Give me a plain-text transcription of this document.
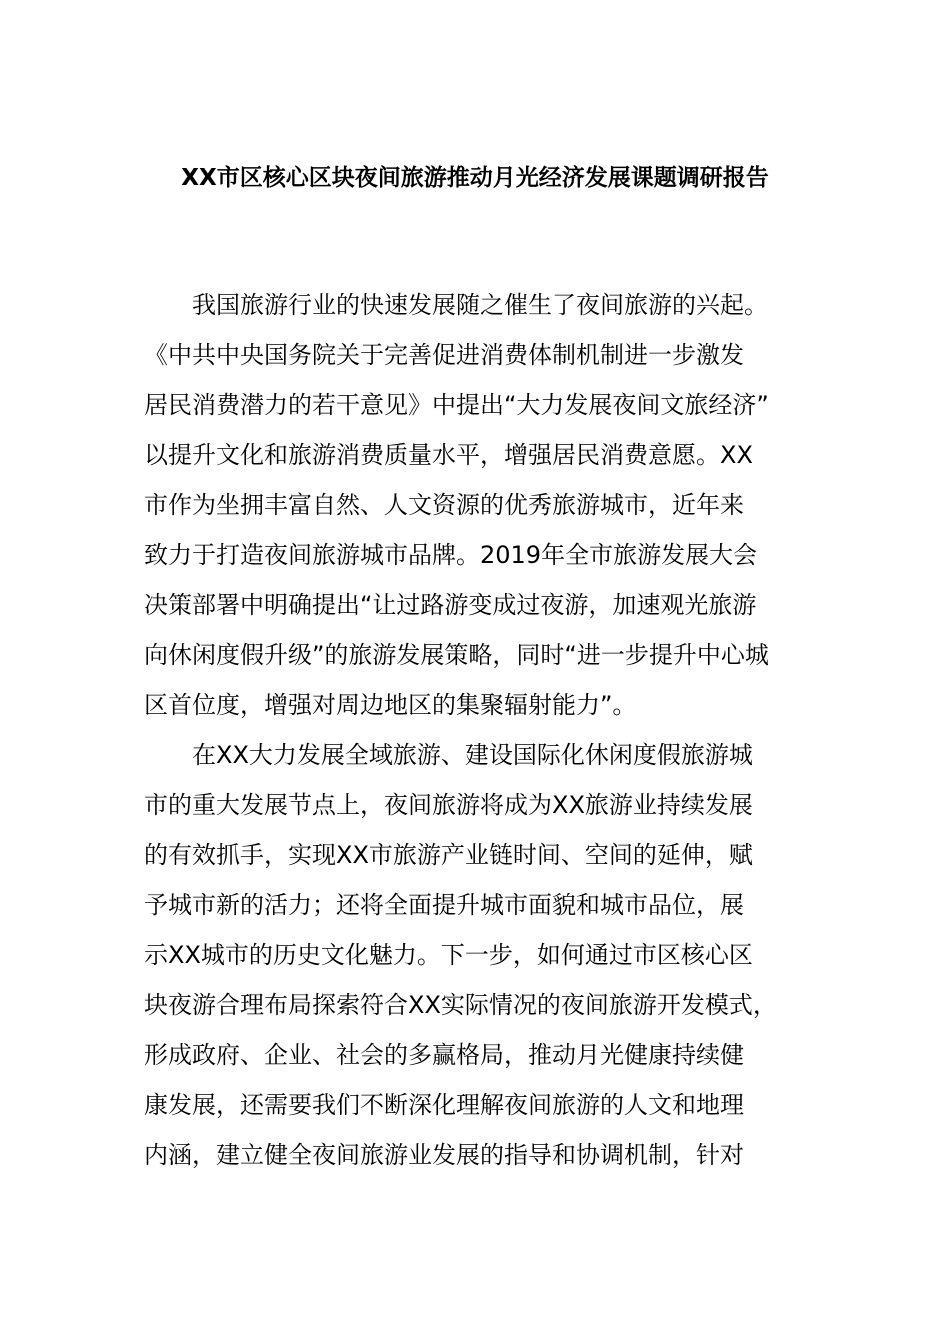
XX市区核心区块夜间旅游推动月光经济发展课题调研报告
我国旅游行业的快速发展随之催生了夜间旅游的兴起。
《中共中央国务院关于完善促进消费体制机制进一步激发
居民消费潜力的若干意见》中提出“大力发展夜间文旅经济”
以提升文化和旅游消费质量水平，增强居民消费意愿。XX
市作为坐拥丰富自然、人文资源的优秀旅游城市，近年来
致力于打造夜间旅游城市品牌。2019年全市旅游发展大会
决策部署中明确提出“让过路游变成过夜游，加速观光旅游
向休闲度假升级”的旅游发展策略，同时“进一步提升中心城
区首位度，增强对周边地区的集聚辐射能力”。
在XX大力发展全域旅游、建设国际化休闲度假旅游城
市的重大发展节点上，夜间旅游将成为XX旅游业持续发展
的有效抓手，实现XX市旅游产业链时间、空间的延伸，赋
予城市新的活力；还将全面提升城市面貌和城市品位，展
示XX城市的历史文化魅力。下一步，如何通过市区核心区
块夜游合理布局探索符合XX实际情况的夜间旅游开发模式，
形成政府、企业、社会的多赢格局，推动月光健康持续健
康发展，还需要我们不断深化理解夜间旅游的人文和地理
内涵，建立健全夜间旅游业发展的指导和协调机制，针对
